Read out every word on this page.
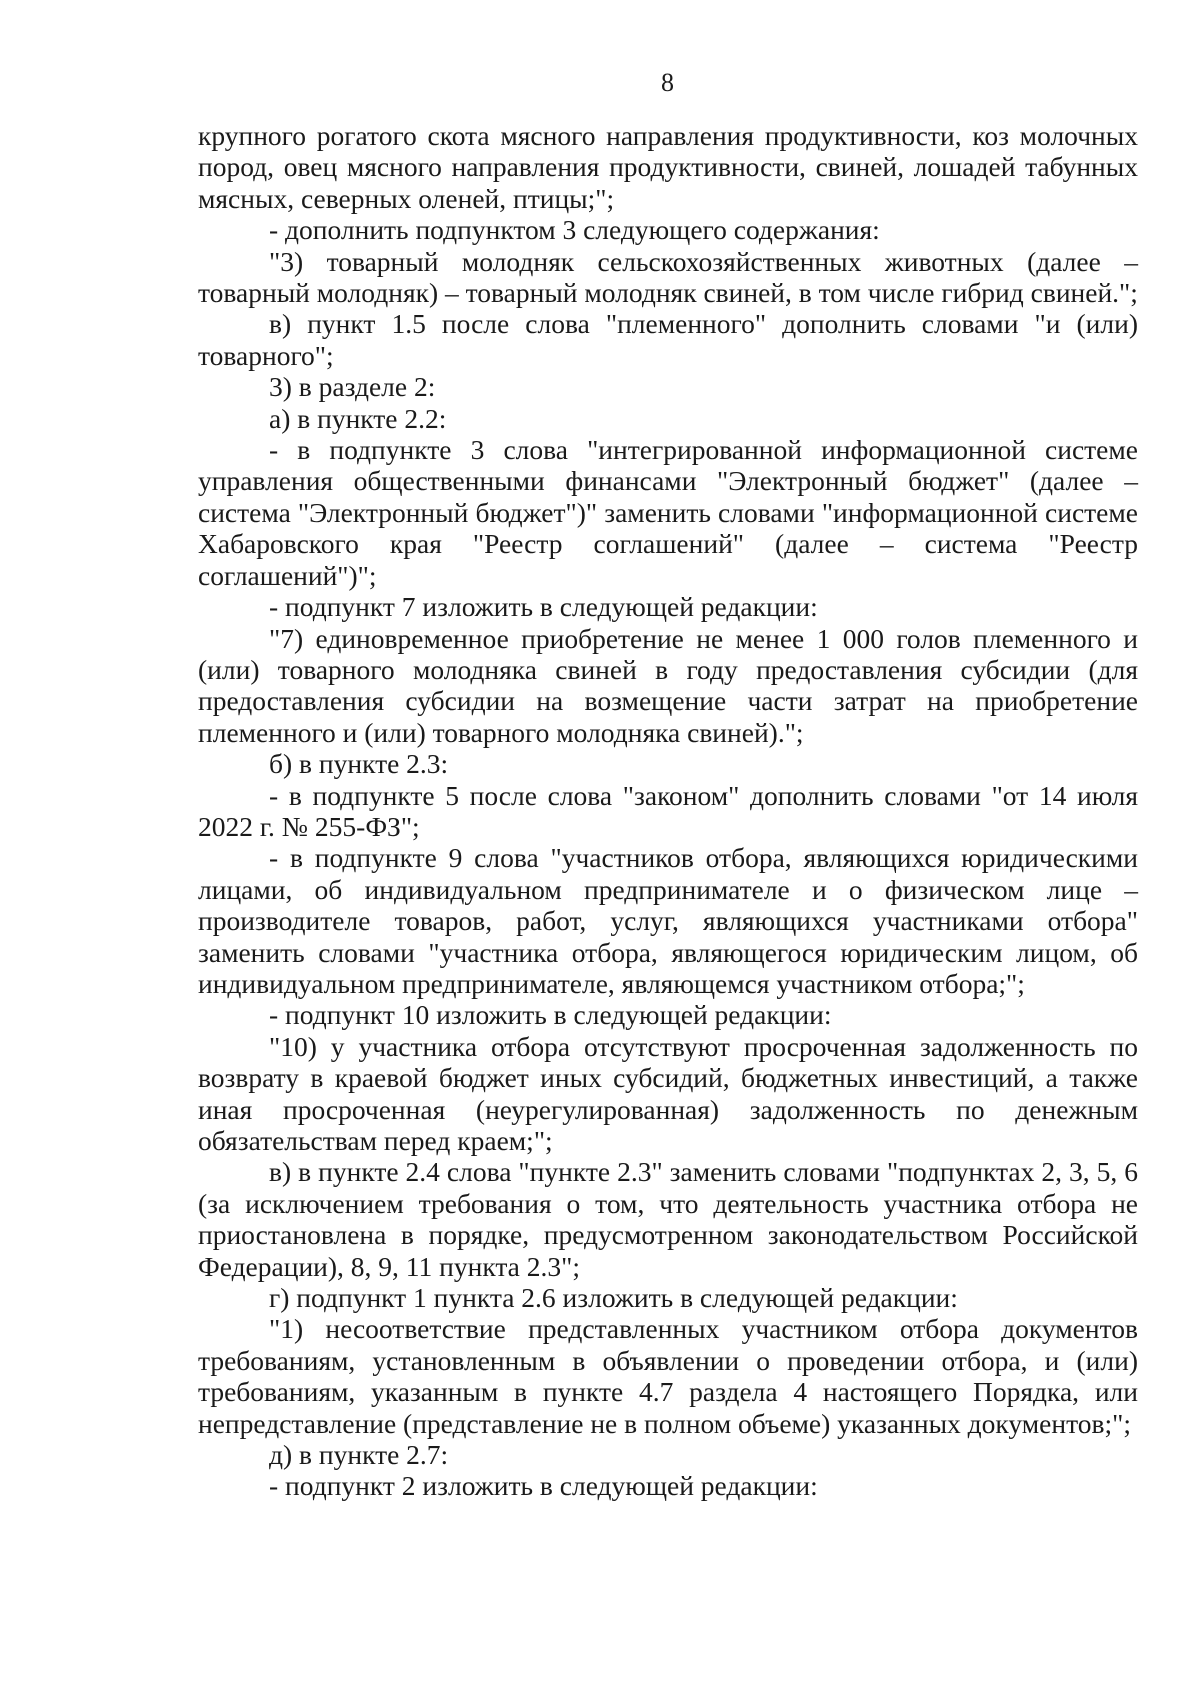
8

крупного рогатого скота мясного направления продуктивности, коз молочных пород, овец мясного направления продуктивности, свиней, лошадей табунных мясных, северных оленей, птицы;";

- дополнить подпунктом 3 следующего содержания:

"3) товарный молодняк сельскохозяйственных животных (далее – товарный молодняк) – товарный молодняк свиней, в том числе гибрид свиней.";

в) пункт 1.5 после слова "племенного" дополнить словами "и (или) товарного";

3) в разделе 2:

а) в пункте 2.2:

- в подпункте 3 слова "интегрированной информационной системе управления общественными финансами "Электронный бюджет" (далее – система "Электронный бюджет")" заменить словами "информационной системе Хабаровского края "Реестр соглашений" (далее – система "Реестр соглашений")";

- подпункт 7 изложить в следующей редакции:

"7) единовременное приобретение не менее 1 000 голов племенного и (или) товарного молодняка свиней в году предоставления субсидии (для предоставления субсидии на возмещение части затрат на приобретение племенного и (или) товарного молодняка свиней).";

б) в пункте 2.3:

- в подпункте 5 после слова "законом" дополнить словами "от 14 июля 2022 г. № 255-ФЗ";

- в подпункте 9 слова "участников отбора, являющихся юридическими лицами, об индивидуальном предпринимателе и о физическом лице – производителе товаров, работ, услуг, являющихся участниками отбора" заменить словами "участника отбора, являющегося юридическим лицом, об индивидуальном предпринимателе, являющемся участником отбора;";

- подпункт 10 изложить в следующей редакции:

"10) у участника отбора отсутствуют просроченная задолженность по возврату в краевой бюджет иных субсидий, бюджетных инвестиций, а также иная просроченная (неурегулированная) задолженность по денежным обязательствам перед краем;";

в) в пункте 2.4 слова "пункте 2.3" заменить словами "подпунктах 2, 3, 5, 6 (за исключением требования о том, что деятельность участника отбора не приостановлена в порядке, предусмотренном законодательством Российской Федерации), 8, 9, 11 пункта 2.3";

г) подпункт 1 пункта 2.6 изложить в следующей редакции:

"1) несоответствие представленных участником отбора документов требованиям, установленным в объявлении о проведении отбора, и (или) требованиям, указанным в пункте 4.7 раздела 4 настоящего Порядка, или непредставление (представление не в полном объеме) указанных документов;";

д) в пункте 2.7:

- подпункт 2 изложить в следующей редакции:
